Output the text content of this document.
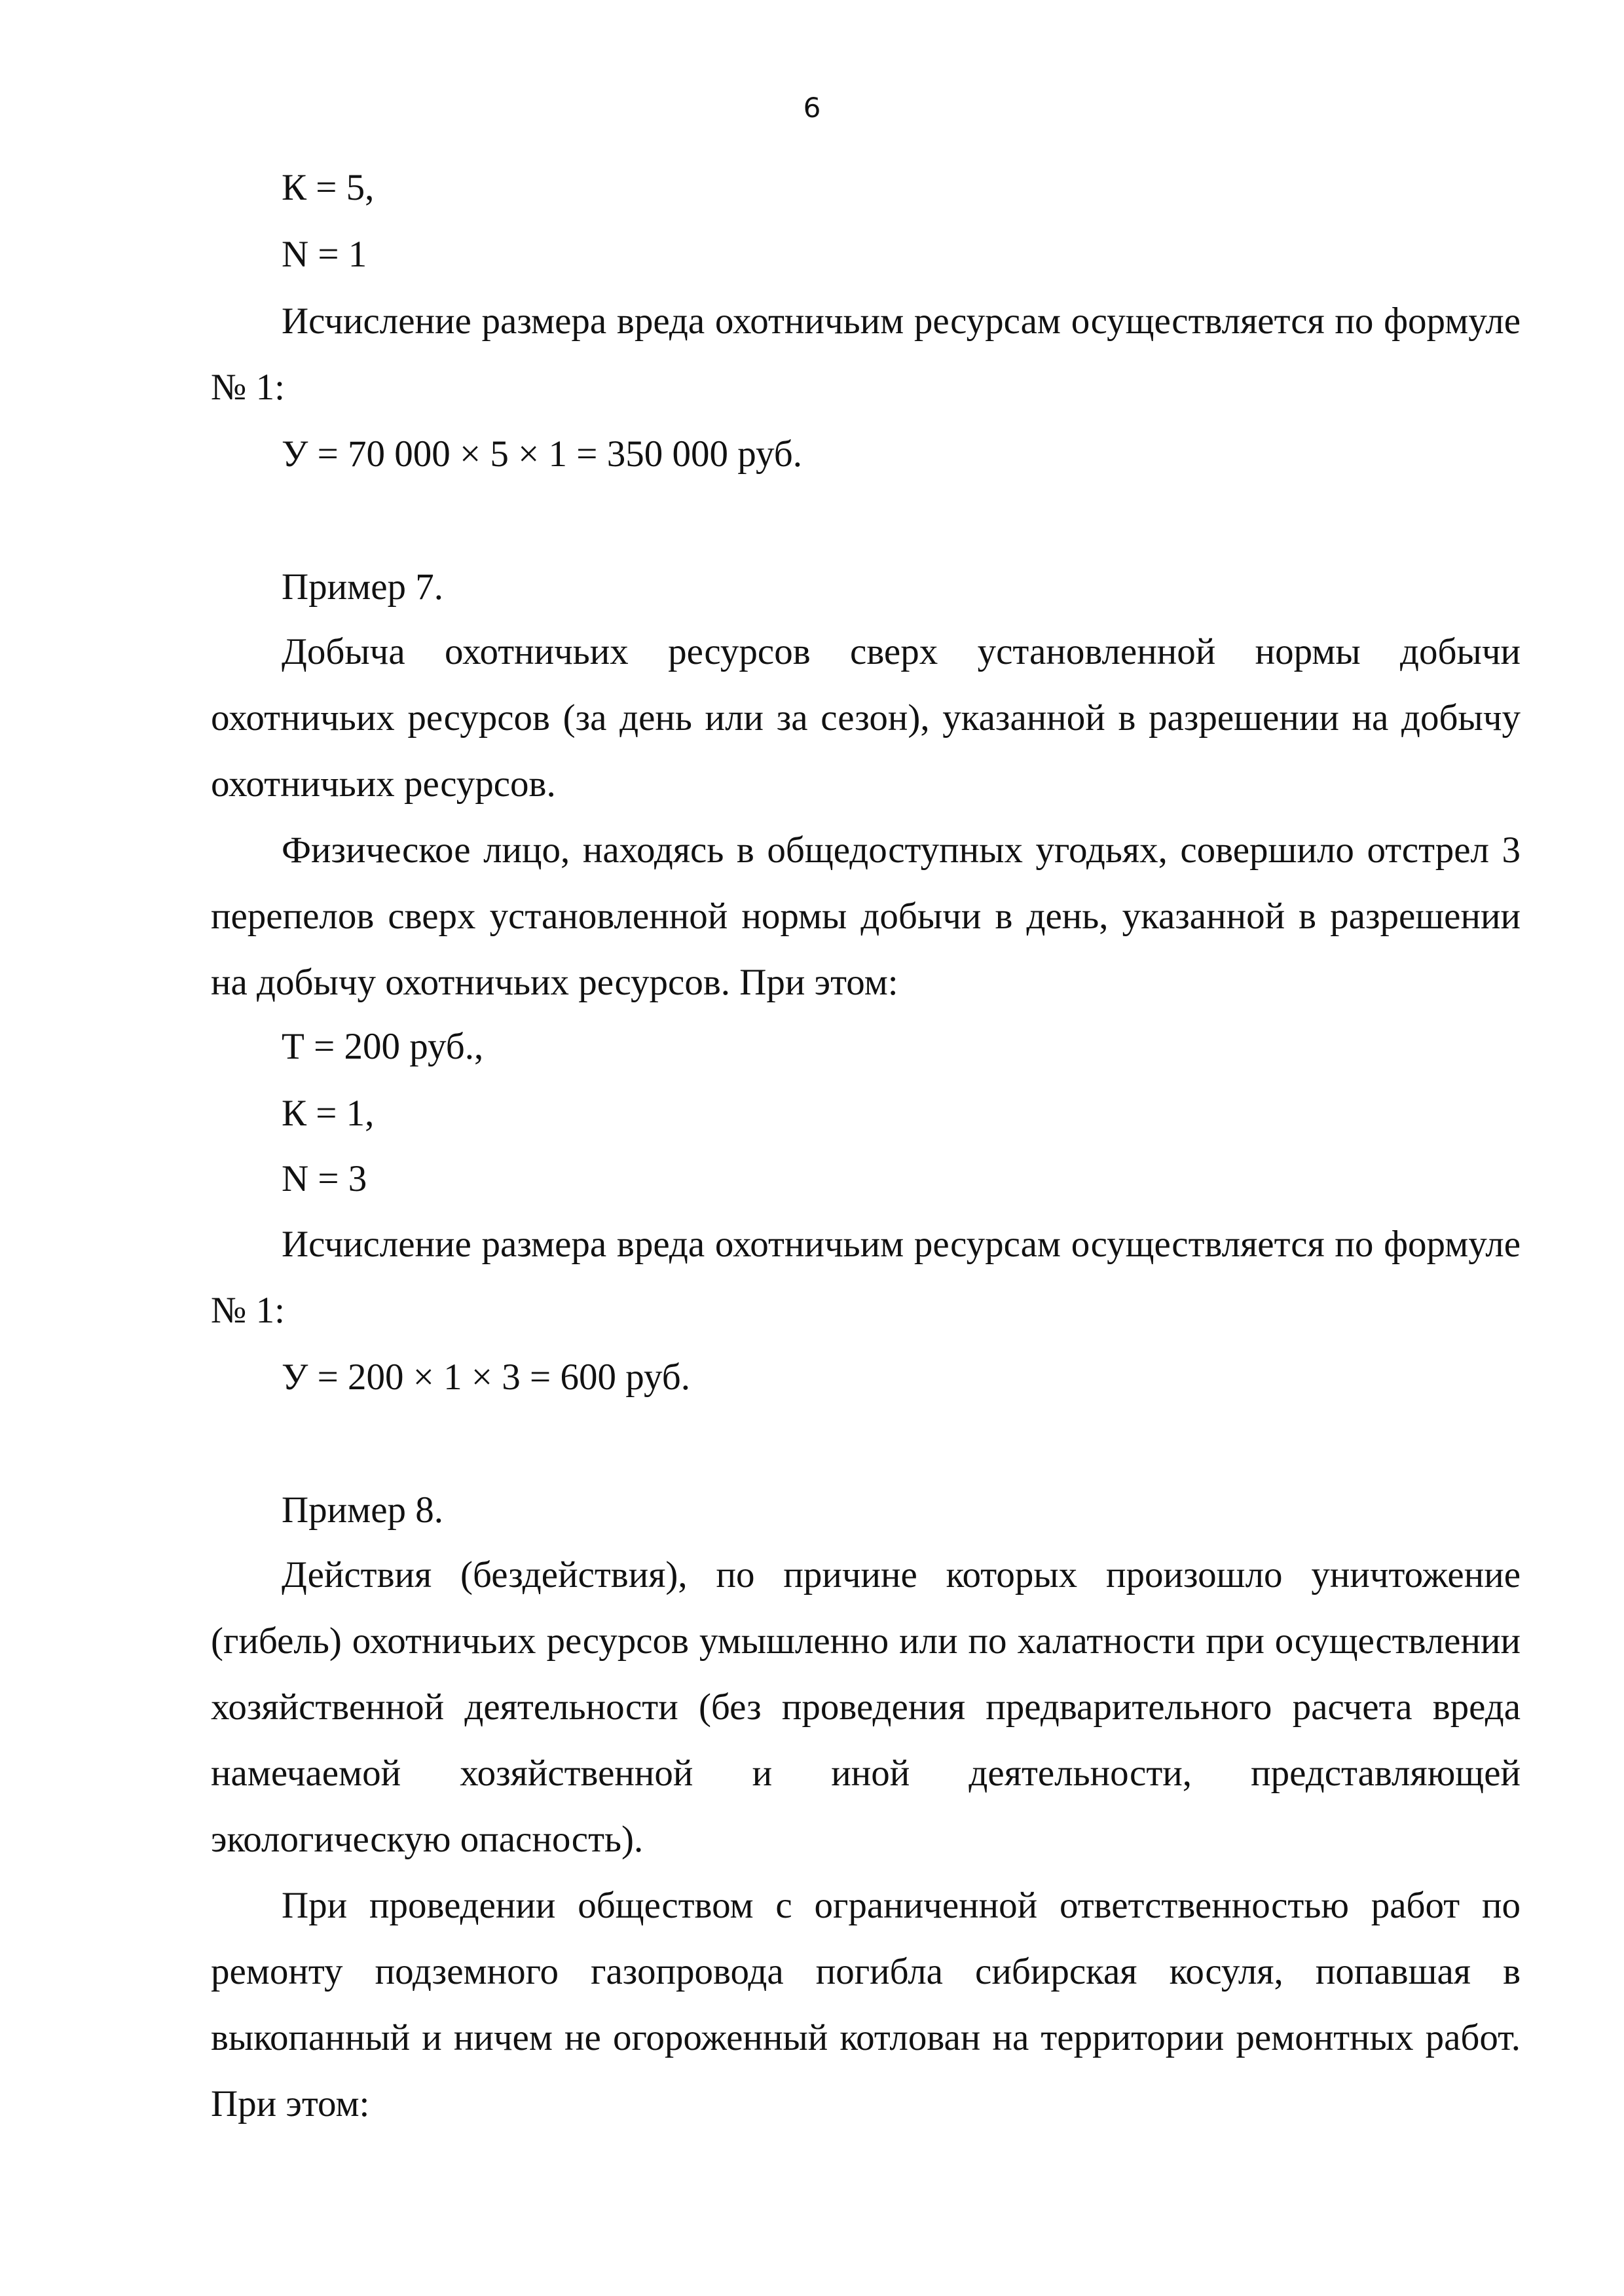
6
К = 5,
N = 1

Исчисление размера вреда охотничьим ресурсам осуществляется по формуле № 1:

У = 70 000 × 5 × 1 = 350 000 руб.
Пример 7.

Добыча охотничьих ресурсов сверх установленной нормы добычи охотничьих ресурсов (за день или за сезон), указанной в разрешении на добычу охотничьих ресурсов.

Физическое лицо, находясь в общедоступных угодьях, совершило отстрел 3 перепелов сверх установленной нормы добычи в день, указанной в разрешении на добычу охотничьих ресурсов. При этом:

Т = 200 руб.,
К = 1,
N = 3

Исчисление размера вреда охотничьим ресурсам осуществляется по формуле № 1:

У = 200 × 1 × 3 = 600 руб.
Пример 8.

Действия (бездействия), по причине которых произошло уничтожение (гибель) охотничьих ресурсов умышленно или по халатности при осуществлении хозяйственной деятельности (без проведения предварительного расчета вреда намечаемой хозяйственной и иной деятельности, представляющей экологическую опасность).

При проведении обществом с ограниченной ответственностью работ по ремонту подземного газопровода погибла сибирская косуля, попавшая в выкопанный и ничем не огороженный котлован на территории ремонтных работ. При этом:
